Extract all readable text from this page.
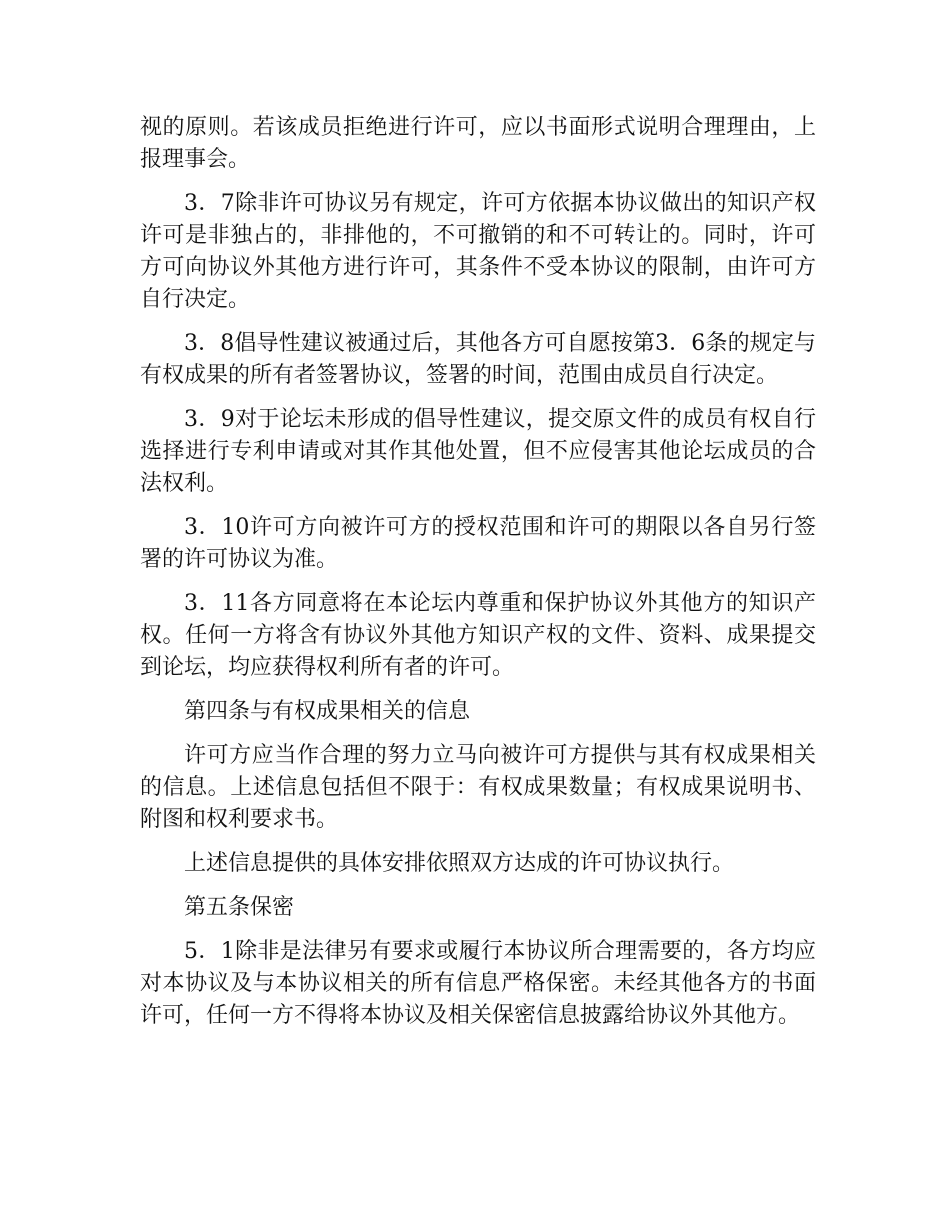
视的原则。若该成员拒绝进行许可，应以书面形式说明合理理由，上报理事会。

3．7除非许可协议另有规定，许可方依据本协议做出的知识产权许可是非独占的，非排他的，不可撤销的和不可转让的。同时，许可方可向协议外其他方进行许可，其条件不受本协议的限制，由许可方自行决定。

3．8倡导性建议被通过后，其他各方可自愿按第3．6条的规定与有权成果的所有者签署协议，签署的时间，范围由成员自行决定。

3．9对于论坛未形成的倡导性建议，提交原文件的成员有权自行选择进行专利申请或对其作其他处置，但不应侵害其他论坛成员的合法权利。

3．10许可方向被许可方的授权范围和许可的期限以各自另行签署的许可协议为准。

3．11各方同意将在本论坛内尊重和保护协议外其他方的知识产权。任何一方将含有协议外其他方知识产权的文件、资料、成果提交到论坛，均应获得权利所有者的许可。

第四条与有权成果相关的信息

许可方应当作合理的努力立马向被许可方提供与其有权成果相关的信息。上述信息包括但不限于：有权成果数量；有权成果说明书、附图和权利要求书。

上述信息提供的具体安排依照双方达成的许可协议执行。

第五条保密

5．1除非是法律另有要求或履行本协议所合理需要的，各方均应对本协议及与本协议相关的所有信息严格保密。未经其他各方的书面许可，任何一方不得将本协议及相关保密信息披露给协议外其他方。
